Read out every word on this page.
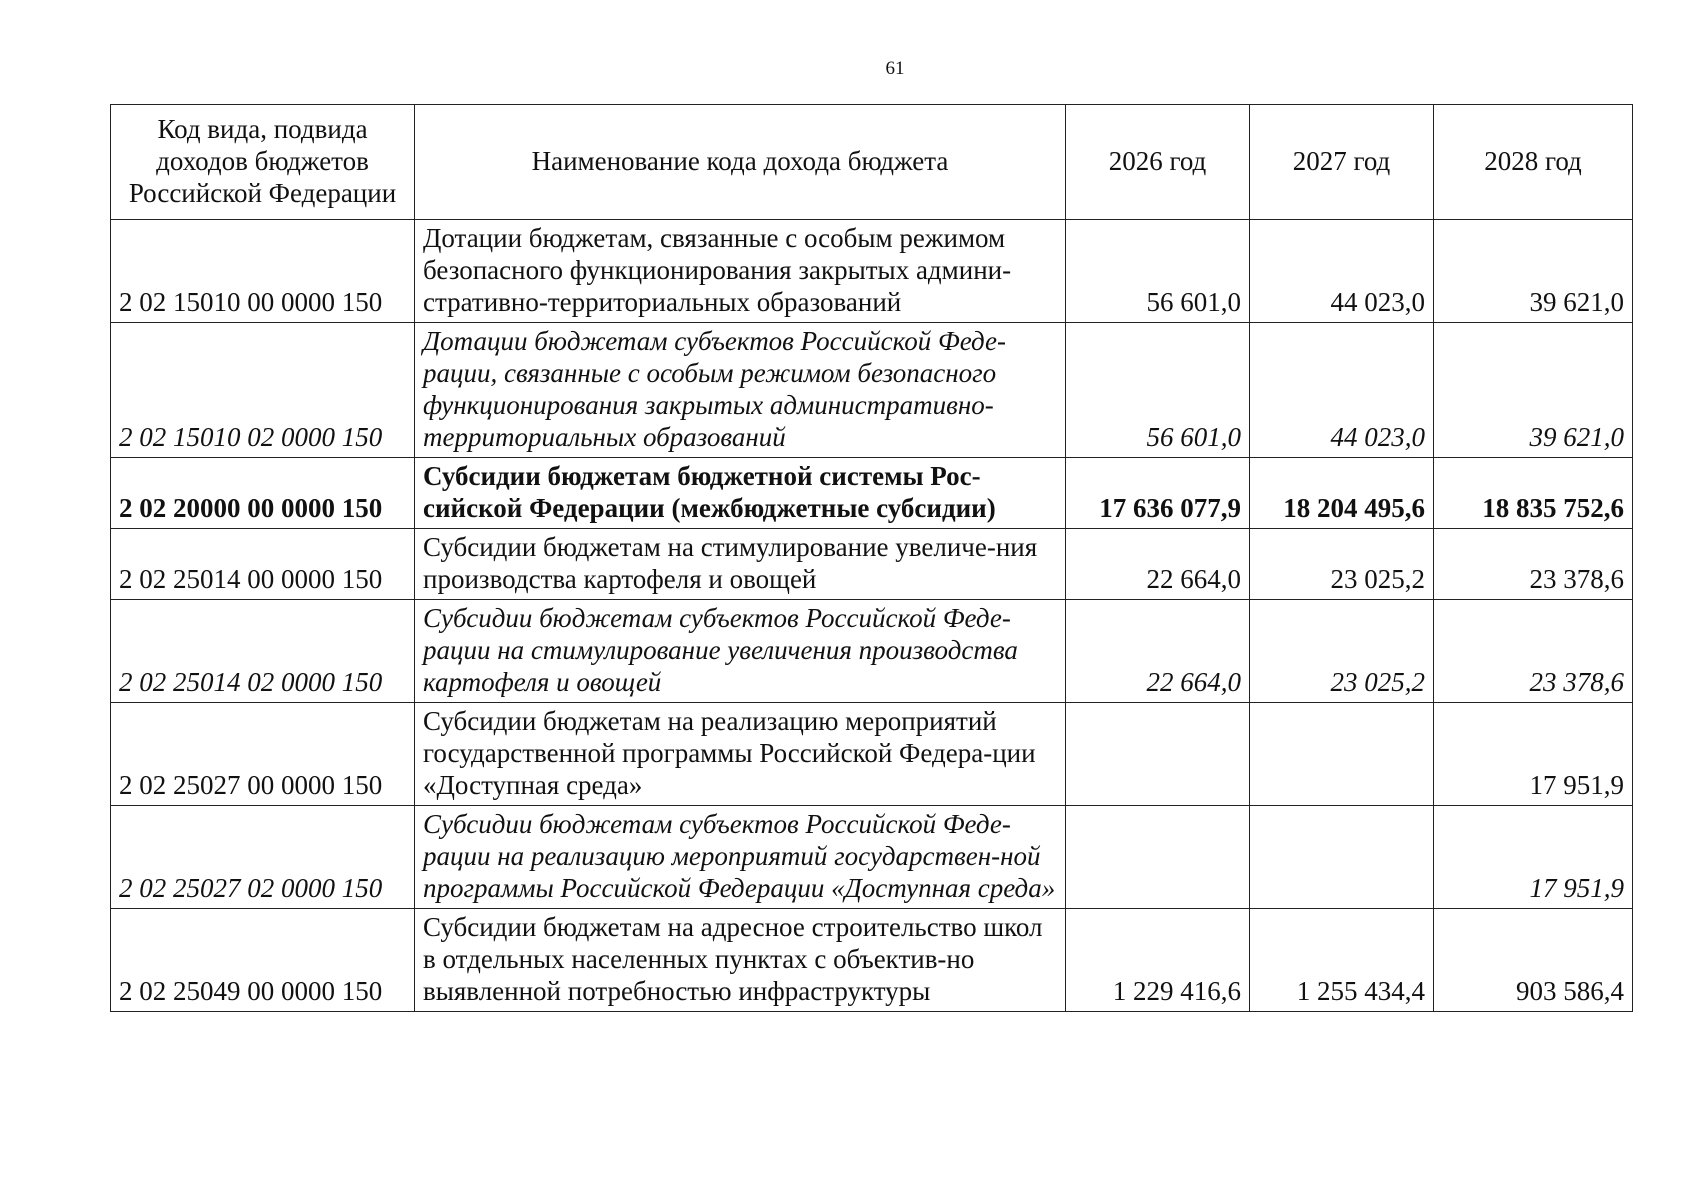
61
Код вида, подвида доходов бюджетов Российской Федерации	Наименование кода дохода бюджета	2026 год	2027 год	2028 год
2 02 15010 00 0000 150	Дотации бюджетам, связанные с особым режимом безопасного функционирования закрытых админи-стративно-территориальных образований	56 601,0	44 023,0	39 621,0
2 02 15010 02 0000 150	Дотации бюджетам субъектов Российской Феде-рации, связанные с особым режимом безопасного функционирования закрытых административно-территориальных образований	56 601,0	44 023,0	39 621,0
2 02 20000 00 0000 150	Субсидии бюджетам бюджетной системы Рос-сийской Федерации (межбюджетные субсидии)	17 636 077,9	18 204 495,6	18 835 752,6
2 02 25014 00 0000 150	Субсидии бюджетам на стимулирование увеличе-ния производства картофеля и овощей	22 664,0	23 025,2	23 378,6
2 02 25014 02 0000 150	Субсидии бюджетам субъектов Российской Феде-рации на стимулирование увеличения производства картофеля и овощей	22 664,0	23 025,2	23 378,6
2 02 25027 00 0000 150	Субсидии бюджетам на реализацию мероприятий государственной программы Российской Федера-ции «Доступная среда»			17 951,9
2 02 25027 02 0000 150	Субсидии бюджетам субъектов Российской Феде-рации на реализацию мероприятий государствен-ной программы Российской Федерации «Доступная среда»			17 951,9
2 02 25049 00 0000 150	Субсидии бюджетам на адресное строительство школ в отдельных населенных пунктах с объектив-но выявленной потребностью инфраструктуры	1 229 416,6	1 255 434,4	903 586,4
